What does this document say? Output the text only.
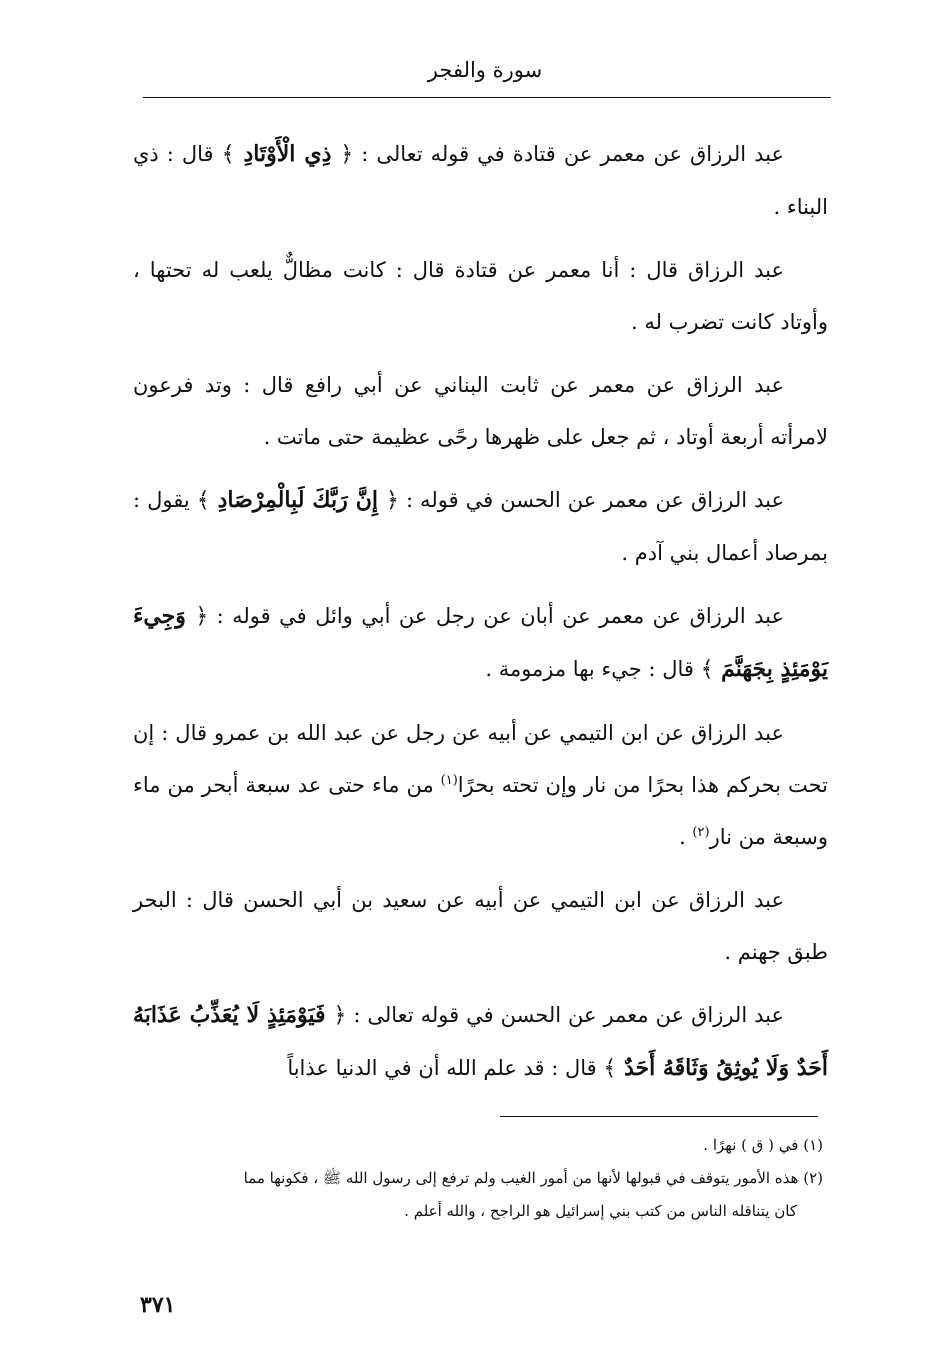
سورة والفجر

عبد الرزاق عن معمر عن قتادة في قوله تعالى : ﴿ ذِي الْأَوْتَادِ ﴾ قال : ذي البناء .

عبد الرزاق قال : أنا معمر عن قتادة قال : كانت مظالٌّ يلعب له تحتها ، وأوتاد كانت تضرب له .

عبد الرزاق عن معمر عن ثابت البناني عن أبي رافع قال : وتد فرعون لامرأته أربعة أوتاد ، ثم جعل على ظهرها رحًى عظيمة حتى ماتت .

عبد الرزاق عن معمر عن الحسن في قوله : ﴿ إِنَّ رَبَّكَ لَبِالْمِرْصَادِ ﴾ يقول : بمرصاد أعمال بني آدم .

عبد الرزاق عن معمر عن أبان عن رجل عن أبي وائل في قوله : ﴿ وَجِيءَ يَوْمَئِذٍ بِجَهَنَّمَ ﴾ قال : جيء بها مزمومة .

عبد الرزاق عن ابن التيمي عن أبيه عن رجل عن عبد الله بن عمرو قال : إن تحت بحركم هذا بحرًا من نار وإن تحته بحرًا$^{(١)}$ من ماء حتى عد سبعة أبحر من ماء وسبعة من نار$^{(٢)}$ .

عبد الرزاق عن ابن التيمي عن أبيه عن سعيد بن أبي الحسن قال : البحر طبق جهنم .

عبد الرزاق عن معمر عن الحسن في قوله تعالى : ﴿ فَيَوْمَئِذٍ لَا يُعَذِّبُ عَذَابَهُ أَحَدٌ وَلَا يُوثِقُ وَثَاقَهُ أَحَدٌ ﴾ قال : قد علم الله أن في الدنيا عذاباً

(١) في ( ق ) نهرًا .

(٢) هذه الأمور يتوقف في قبولها لأنها من أمور الغيب ولم ترفع إلى رسول الله ﷺ ، فكونها مما

كان يتناقله الناس من كتب بني إسرائيل هو الراجح ، والله أعلم .

٣٧١
